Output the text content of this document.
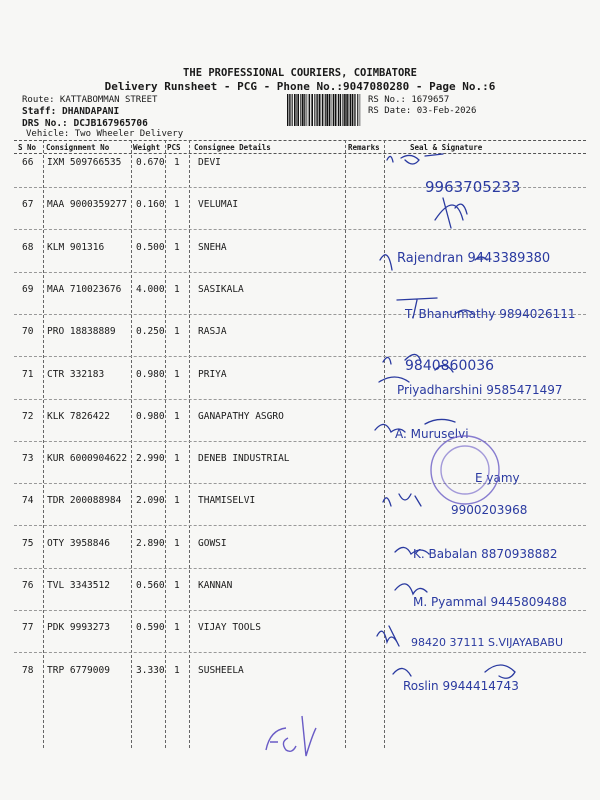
THE PROFESSIONAL COURIERS, COIMBATORE
Delivery Runsheet - PCG - Phone No.:9047080280 - Page No.:6
Route: KATTABOMMAN STREET
Staff: DHANDAPANI
DRS No.: DCJB167965706
Vehicle: Two Wheeler Delivery
RS No.: 1679657
RS Date: 03-Feb-2026
S No Consignment No	Weight PCS Consignee Details	Remarks	Seal & Signature
66 IXM 509766535 0.670 1 DEVI
67 MAA 9000359277 0.160 1 VELUMAI
68 KLM 901316	0.500 1 SNEHA
69 MAA 710023676 4.000 1 SASIKALA
70 PRO 18838889 0.250 1 RASJA
71 CTR 332183	0.980 1 PRIYA
72 KLK 7826422	0.980 1 GANAPATHY ASGRO
73 KUR 6000904622 2.990 1 DENEB INDUSTRIAL
74 TDR 200088984 2.090 1 THAMISELVI
75 OTY 3958846	2.890 1 GOWSI
76 TVL 3343512	0.560 1 KANNAN
77 PDK 9993273	0.590 1 VIJAY TOOLS
78 TRP 6779009	3.330 1 SUSHEELA
9963705233
Rajendran 9443389380
T. Bhanumathy 9894026111
9840860036
Priyadharshini 9585471497
A. Muruselvi
E yamy
9900203968
K. Babalan 8870938882
M. Pyammal 9445809488
98420 37111 S.VIJAYABABU
Roslin 9944414743
